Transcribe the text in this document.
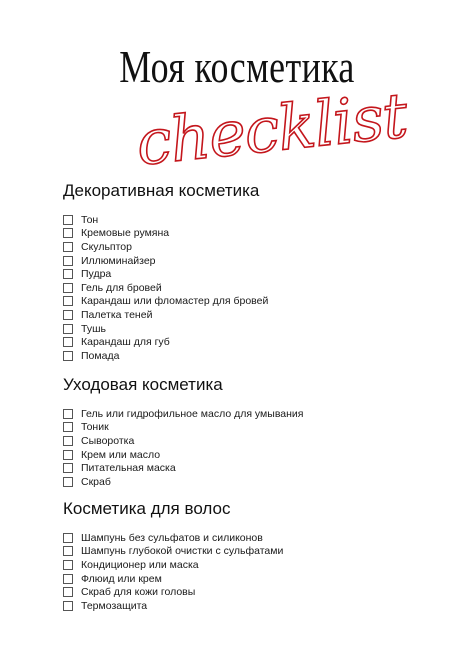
Моя косметика
checklist
Декоративная косметика
Тон
Кремовые румяна
Скульптор
Иллюминайзер
Пудра
Гель для бровей
Карандаш или фломастер для бровей
Палетка теней
Тушь
Карандаш для губ
Помада
Уходовая косметика
Гель или гидрофильное масло для умывания
Тоник
Сыворотка
Крем или масло
Питательная маска
Скраб
Косметика для волос
Шампунь без сульфатов и силиконов
Шампунь глубокой очистки с сульфатами
Кондиционер или маска
Флюид или крем
Скраб для кожи головы
Термозащита
